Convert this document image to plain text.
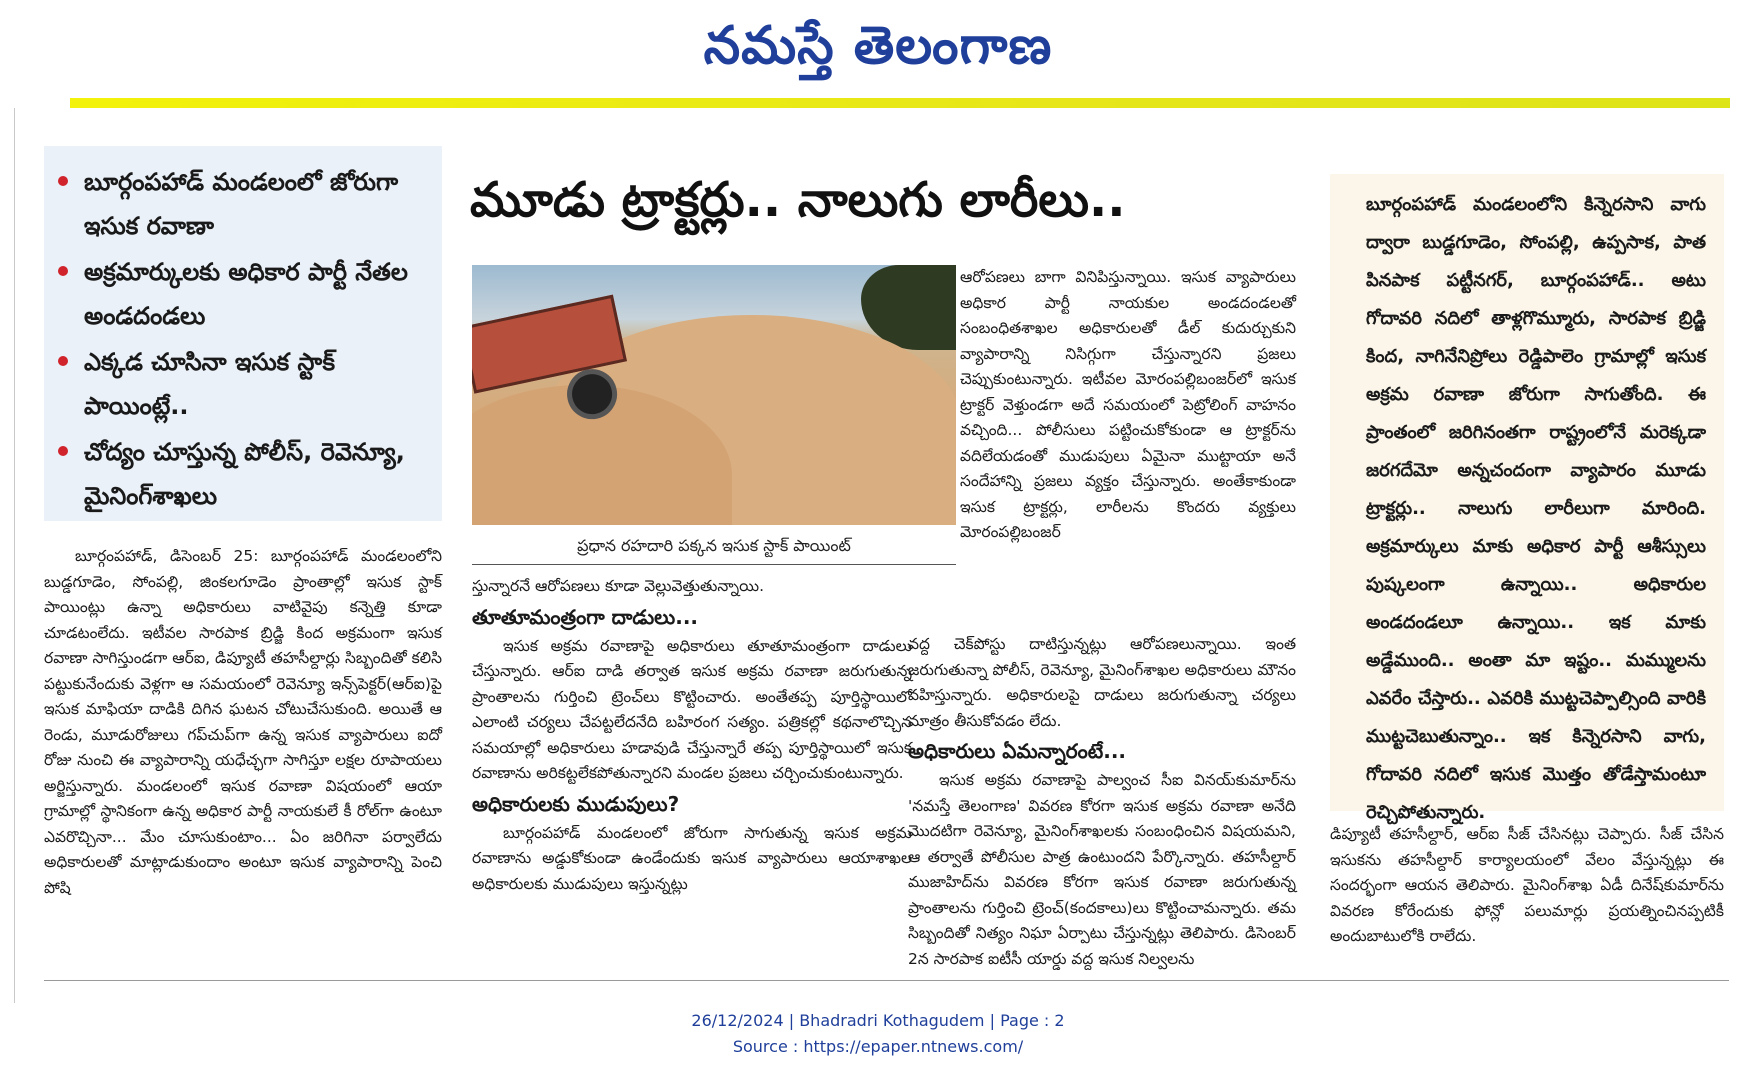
నమస్తే తెలంగాణ
బూర్గంపహాడ్ మండలంలో జోరుగా ఇసుక రవాణా
అక్రమార్కులకు అధికార పార్టీ నేతల అండదండలు
ఎక్కడ చూసినా ఇసుక స్టాక్ పాయింట్లే..
చోద్యం చూస్తున్న పోలీస్, రెవెన్యూ, మైనింగ్‌శాఖలు
మూడు ట్రాక్టర్లు.. నాలుగు లారీలు..
ప్రధాన రహదారి పక్కన ఇసుక స్టాక్ పాయింట్

బూర్గంపహాడ్, డిసెంబర్ 25: బూర్గంపహాడ్ మండలంలోని బుడ్డగూడెం, సోంపల్లి, జింకలగూడెం ప్రాంతాల్లో ఇసుక స్టాక్ పాయింట్లు ఉన్నా అధికారులు వాటివైపు కన్నెత్తి కూడా చూడటంలేదు. ఇటీవల సారపాక బ్రిడ్జి కింద అక్రమంగా ఇసుక రవాణా సాగిస్తుండగా ఆర్ఐ, డిప్యూటీ తహసీల్దార్లు సిబ్బందితో కలిసి పట్టుకునేందుకు వెళ్లగా ఆ సమయంలో రెవెన్యూ ఇన్స్‌పెక్టర్(ఆర్ఐ)పై ఇసుక మాఫియా దాడికి దిగిన ఘటన చోటుచేసుకుంది. అయితే ఆ రెండు, మూడురోజులు గప్‌చుప్‌గా ఉన్న ఇసుక వ్యాపారులు ఐదో రోజు నుంచి ఈ వ్యాపారాన్ని యధేచ్ఛగా సాగిస్తూ లక్షల రూపాయలు అర్జిస్తున్నారు. మండలంలో ఇసుక రవాణా విషయంలో ఆయా గ్రామాల్లో స్థానికంగా ఉన్న అధికార పార్టీ నాయకులే కీ రోల్‌గా ఉంటూ ఎవరొచ్చినా... మేం చూసుకుంటాం... ఏం జరిగినా పర్వాలేదు అధికారులతో మాట్లాడుకుందాం అంటూ ఇసుక వ్యాపారాన్ని పెంచి పోషి

స్తున్నారనే ఆరోపణలు కూడా వెల్లువెత్తుతున్నాయి.

తూతూమంత్రంగా దాడులు...

ఇసుక అక్రమ రవాణాపై అధికారులు తూతూమంత్రంగా దాడులు చేస్తున్నారు. ఆర్ఐ దాడి తర్వాత ఇసుక అక్రమ రవాణా జరుగుతున్న ప్రాంతాలను గుర్తించి ట్రెంచ్‌లు కొట్టించారు. అంతేతప్ప పూర్తిస్థాయిలో ఎలాంటి చర్యలు చేపట్టలేదనేది బహిరంగ సత్యం. పత్రికల్లో కథనాలొచ్చిన సమయాల్లో అధికారులు హడావుడి చేస్తున్నారే తప్ప పూర్తిస్థాయిలో ఇసుక రవాణాను అరికట్టలేకపోతున్నారని మండల ప్రజలు చర్చించుకుంటున్నారు.

అధికారులకు ముడుపులు?

బూర్గంపహాడ్ మండలంలో జోరుగా సాగుతున్న ఇసుక అక్రమ రవాణాను అడ్డుకోకుండా ఉండేందుకు ఇసుక వ్యాపారులు ఆయాశాఖల అధికారులకు ముడుపులు ఇస్తున్నట్లు

ఆరోపణలు బాగా వినిపిస్తున్నాయి. ఇసుక వ్యాపారులు అధికార పార్టీ నాయకుల అండదండలతో సంబంధితశాఖల అధికారులతో డీల్ కుదుర్చుకుని వ్యాపారాన్ని నిసిగ్గుగా చేస్తున్నారని ప్రజలు చెప్పుకుంటున్నారు. ఇటీవల మోరంపల్లిబంజర్‌లో ఇసుక ట్రాక్టర్ వెళ్తుండగా అదే సమయంలో పెట్రోలింగ్ వాహనం వచ్చింది... పోలీసులు పట్టించుకోకుండా ఆ ట్రాక్టర్‌ను వదిలేయడంతో ముడుపులు ఏమైనా ముట్టాయా అనే సందేహాన్ని ప్రజలు వ్యక్తం చేస్తున్నారు. అంతేకాకుండా ఇసుక ట్రాక్టర్లు, లారీలను కొందరు వ్యక్తులు మోరంపల్లిబంజర్

వద్ద చెక్‌పోస్టు దాటిస్తున్నట్లు ఆరోపణలున్నాయి. ఇంత జరుగుతున్నా పోలీస్, రెవెన్యూ, మైనింగ్‌శాఖల అధికారులు మౌనం వహిస్తున్నారు. అధికారులపై దాడులు జరుగుతున్నా చర్యలు మాత్రం తీసుకోవడం లేదు.

అధికారులు ఏమన్నారంటే...

ఇసుక అక్రమ రవాణాపై పాల్వంచ సీఐ వినయ్‌కుమార్‌ను 'నమస్తే తెలంగాణ' వివరణ కోరగా ఇసుక అక్రమ రవాణా అనేది మొదటిగా రెవెన్యూ, మైనింగ్‌శాఖలకు సంబంధించిన విషయమని, ఆ తర్వాతే పోలీసుల పాత్ర ఉంటుందని పేర్కొన్నారు. తహసీల్దార్ ముజాహిద్‌ను వివరణ కోరగా ఇసుక రవాణా జరుగుతున్న ప్రాంతాలను గుర్తించి ట్రెంచ్(కందకాలు)లు కొట్టించామన్నారు. తమ సిబ్బందితో నిత్యం నిఘా ఏర్పాటు చేస్తున్నట్లు తెలిపారు. డిసెంబర్ 2న సారపాక ఐటీసీ యార్డు వద్ద ఇసుక నిల్వలను

బూర్గంపహాడ్ మండలంలోని కిన్నెరసాని వాగు ద్వారా బుడ్డగూడెం, సోంపల్లి, ఉప్పసాక, పాత పినపాక పట్టీనగర్, బూర్గంపహాడ్.. అటు గోదావరి నదిలో తాళ్లగొమ్మూరు, సారపాక బ్రిడ్జి కింద, నాగినేనిప్రోలు రెడ్డిపాలెం గ్రామాల్లో ఇసుక అక్రమ రవాణా జోరుగా సాగుతోంది. ఈ ప్రాంతంలో జరిగినంతగా రాష్ట్రంలోనే మరెక్కడా జరగదేమో అన్నచందంగా వ్యాపారం మూడు ట్రాక్టర్లు.. నాలుగు లారీలుగా మారింది. అక్రమార్కులు మాకు అధికార పార్టీ ఆశీస్సులు పుష్కలంగా ఉన్నాయి.. అధికారుల అండదండలూ ఉన్నాయి.. ఇక మాకు అడ్డేముంది.. అంతా మా ఇష్టం.. మమ్ములను ఎవరేం చేస్తారు.. ఎవరికి ముట్టచెప్పాల్సింది వారికి ముట్టచెబుతున్నాం.. ఇక కిన్నెరసాని వాగు, గోదావరి నదిలో ఇసుక మొత్తం తోడేస్తామంటూ రెచ్చిపోతున్నారు.

డిప్యూటీ తహసీల్దార్, ఆర్ఐ సీజ్ చేసినట్లు చెప్పారు. సీజ్ చేసిన ఇసుకను తహసీల్దార్ కార్యాలయంలో వేలం వేస్తున్నట్లు ఈ సందర్భంగా ఆయన తెలిపారు. మైనింగ్‌శాఖ ఏడీ దినేష్‌కుమార్‌ను వివరణ కోరేందుకు ఫోన్లో పలుమార్లు ప్రయత్నించినప్పటికీ అందుబాటులోకి రాలేదు.

26/12/2024 | Bhadradri Kothagudem | Page : 2
Source : https://epaper.ntnews.com/
